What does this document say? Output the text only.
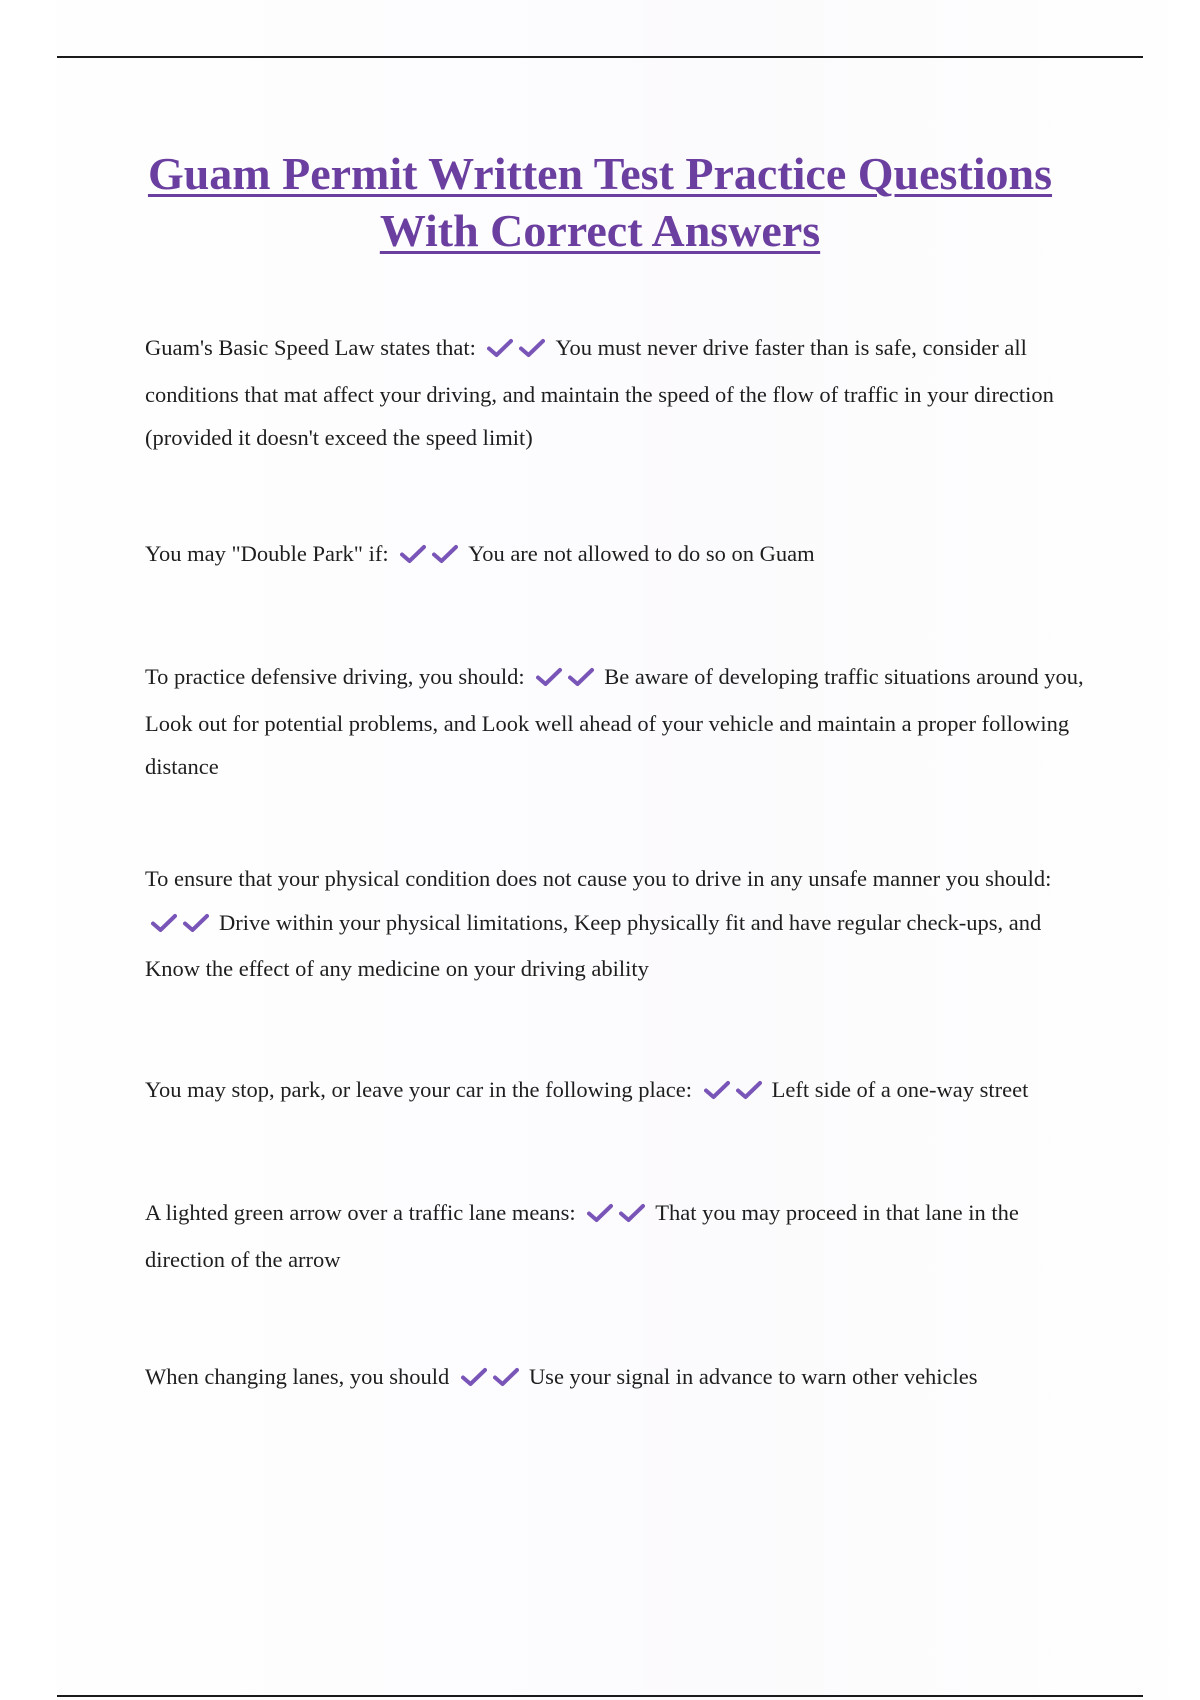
Guam Permit Written Test Practice Questions With Correct Answers
Guam's Basic Speed Law states that:	You must never drive faster than is safe, consider all conditions that mat affect your driving, and maintain the speed of the flow of traffic in your direction (provided it doesn't exceed the speed limit)
You may "Double Park" if:	You are not allowed to do so on Guam
To practice defensive driving, you should:	Be aware of developing traffic situations around you, Look out for potential problems, and Look well ahead of your vehicle and maintain a proper following distance
To ensure that your physical condition does not cause you to drive in any unsafe manner you should:
Drive within your physical limitations, Keep physically fit and have regular check-ups, and Know the effect of any medicine on your driving ability
You may stop, park, or leave your car in the following place:	Left side of a one-way street
A lighted green arrow over a traffic lane means:	That you may proceed in that lane in the direction of the arrow
When changing lanes, you should	Use your signal in advance to warn other vehicles
